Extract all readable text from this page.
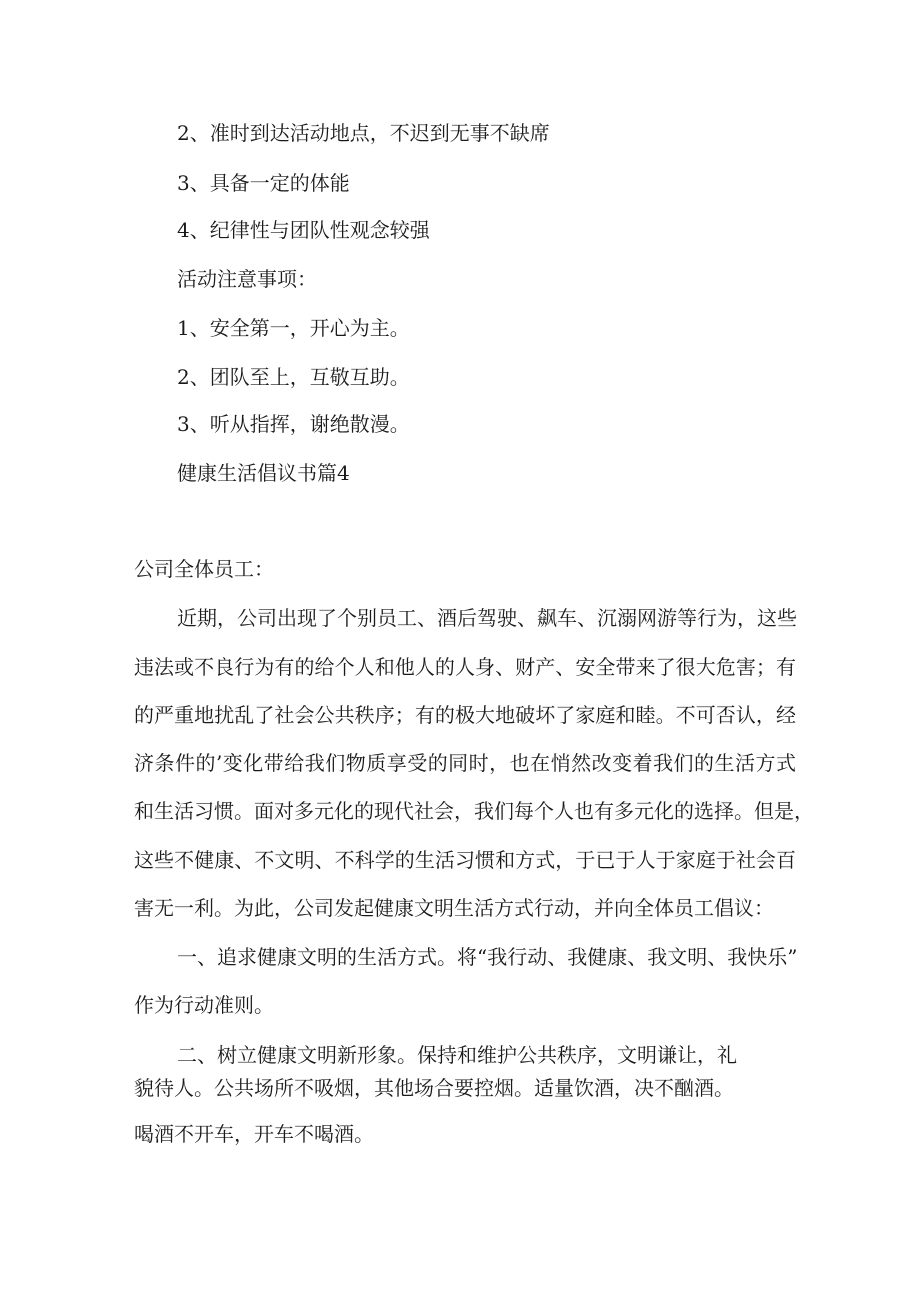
2、准时到达活动地点，不迟到无事不缺席
3、具备一定的体能
4、纪律性与团队性观念较强
活动注意事项：
1、安全第一，开心为主。
2、团队至上，互敬互助。
3、听从指挥，谢绝散漫。
健康生活倡议书篇4
公司全体员工：
近期，公司出现了个别员工、酒后驾驶、飙车、沉溺网游等行为，这些
违法或不良行为有的给个人和他人的人身、财产、安全带来了很大危害；有
的严重地扰乱了社会公共秩序；有的极大地破坏了家庭和睦。不可否认，经
济条件的’变化带给我们物质享受的同时，也在悄然改变着我们的生活方式
和生活习惯。面对多元化的现代社会，我们每个人也有多元化的选择。但是，
这些不健康、不文明、不科学的生活习惯和方式，于已于人于家庭于社会百
害无一利。为此，公司发起健康文明生活方式行动，并向全体员工倡议：
一、追求健康文明的生活方式。将“我行动、我健康、我文明、我快乐”
作为行动准则。
二、树立健康文明新形象。保持和维护公共秩序，文明谦让，礼
貌待人。公共场所不吸烟，其他场合要控烟。适量饮酒，决不酗酒。
喝酒不开车，开车不喝酒。
